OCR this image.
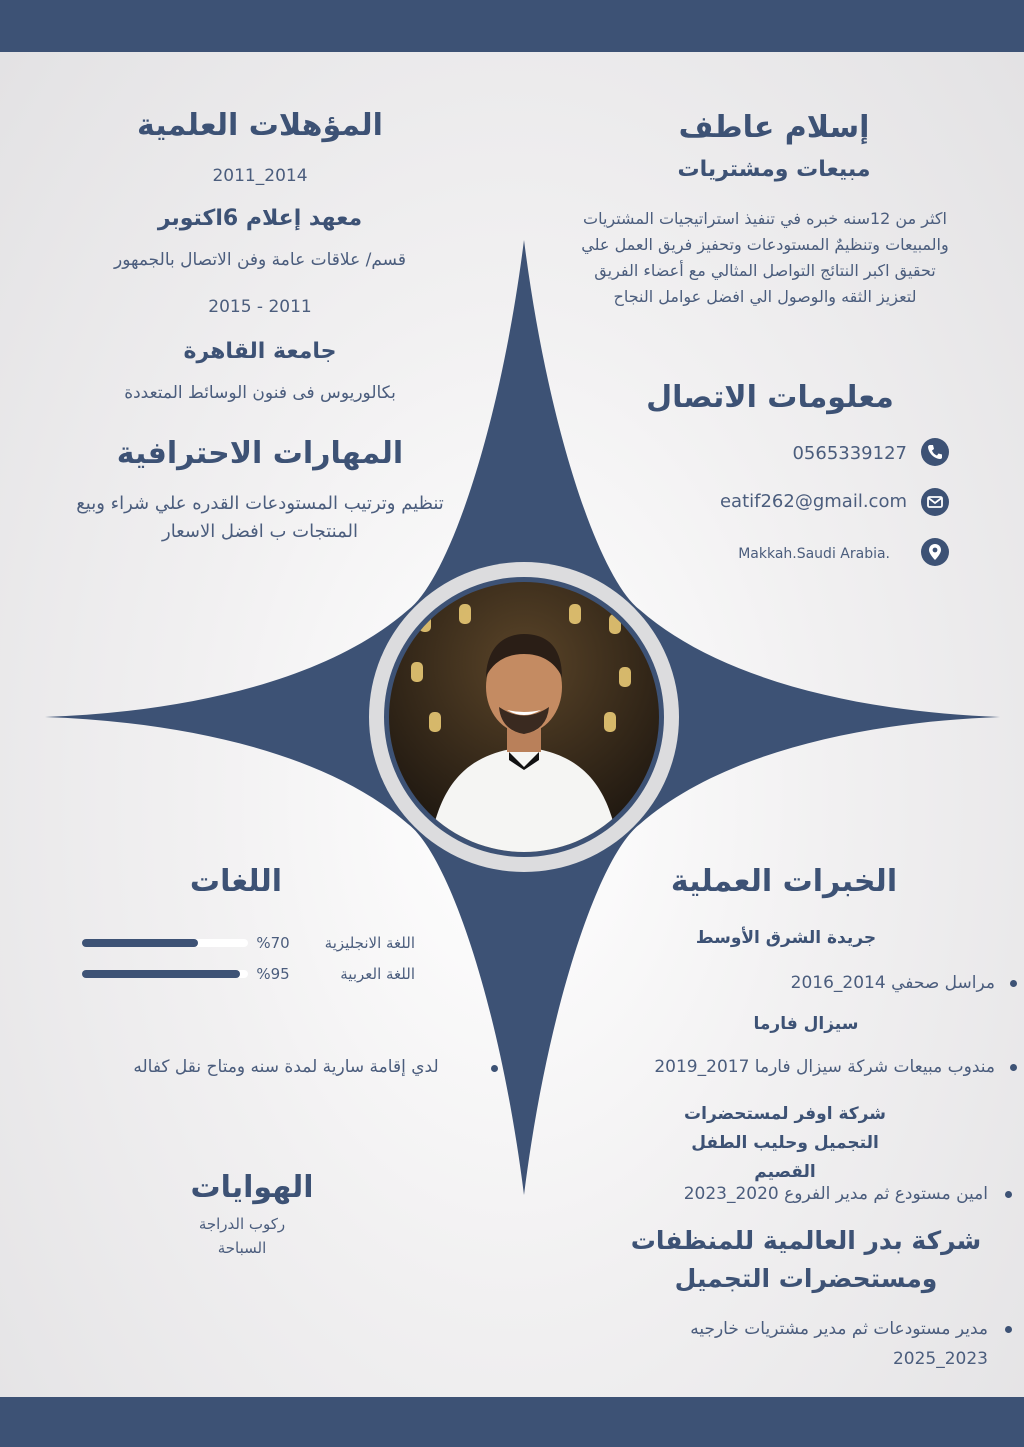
إسلام عاطف
مبيعات ومشتريات
اكثر من 12سنه خبره في تنفيذ استراتيجيات المشتريات والمبيعات وتنظيمٌ المستودعات وتحفيز فريق العمل علي تحقيق اكبر النتائج التواصل المثالي مع أعضاء الفريق لتعزيز الثقه والوصول الي افضل عوامل النجاح
معلومات الاتصال
0565339127
eatif262@gmail.com
Makkah.Saudi Arabia.
المؤهلات العلمية
2011_2014
معهد إعلام 6اكتوبر
قسم/ علاقات عامة وفن الاتصال بالجمهور
2015 - 2011
جامعة القاهرة
بكالوريوس فى فنون الوسائط المتعددة
المهارات الاحترافية
تنظيم وترتيب المستودعات القدره علي شراء وبيع المنتجات ب افضل الاسعار
اللغات
اللغة الانجليزية
%70
اللغة العربية
%95
لدي إقامة سارية لمدة سنه ومتاح نقل كفاله
الهوايات
ركوب الدراجة
السباحة
الخبرات العملية
جريدة الشرق الأوسط
مراسل صحفي 2014_2016
سيزال فارما
مندوب مبيعات شركة سيزال فارما 2017_2019
شركة اوفر لمستحضرات التجميل وحليب الطفل القصيم
امين مستودع ثم مدير الفروع 2020_2023
شركة بدر العالمية للمنظفات ومستحضرات التجميل
مدير مستودعات ثم مدير مشتريات خارجيه 2023_2025
